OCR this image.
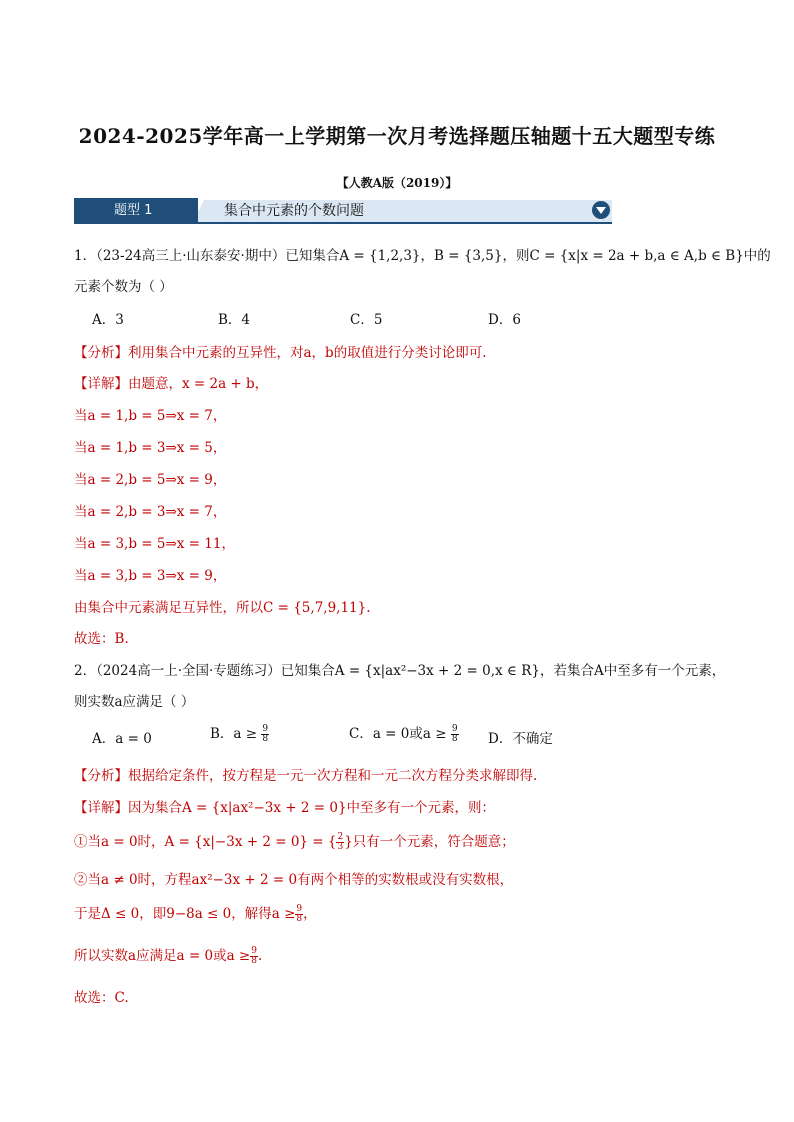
2024-2025学年高一上学期第一次月考选择题压轴题十五大题型专练
【人教A版（2019）】
题型 1	集合中元素的个数问题
1．（23-24高三上·山东泰安·期中）已知集合A = {1,2,3}，B = {3,5}，则C = {x|x = 2a + b,a ∈ A,b ∈ B}中的
元素个数为（ ）
A．3	B．4	C．5	D．6
【分析】利用集合中元素的互异性，对a，b的取值进行分类讨论即可.
【详解】由题意，x = 2a + b，
当a = 1,b = 5⇒x = 7，
当a = 1,b = 3⇒x = 5，
当a = 2,b = 5⇒x = 9，
当a = 2,b = 3⇒x = 7，
当a = 3,b = 5⇒x = 11，
当a = 3,b = 3⇒x = 9，
由集合中元素满足互异性，所以C = {5,7,9,11}.
故选：B.
2．（2024高一上·全国·专题练习）已知集合A = {x|ax²−3x + 2 = 0,x ∈ R}，若集合A中至多有一个元素，
则实数a应满足（ ）
A．a = 0	B．$a \ge \frac{9}{8}$	C．a = 0或$a \ge \frac{9}{8}$ D．不确定
【分析】根据给定条件，按方程是一元一次方程和一元二次方程分类求解即得.
【详解】因为集合A = {x|ax²−3x + 2 = 0}中至多有一个元素，则：
①当a = 0时，A = {x|−3x + 2 = 0} = { $\frac{2}{3}$ }只有一个元素，符合题意；
②当a ≠ 0时，方程ax²−3x + 2 = 0有两个相等的实数根或没有实数根，
于是Δ ≤ 0，即9−8a ≤ 0，解得$a \ge \frac{9}{8}$ ，
所以实数a应满足a = 0或$a \ge \frac{9}{8}$ .
故选：C.
